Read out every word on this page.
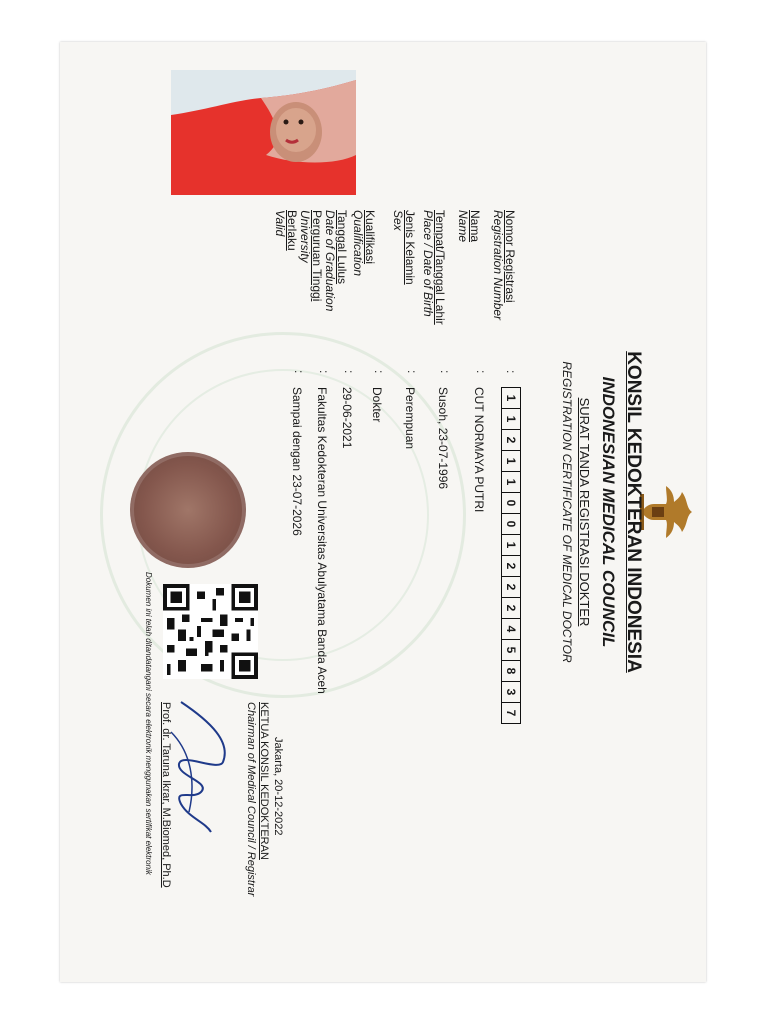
KONSIL KEDOKTERAN INDONESIA
INDONESIAN MEDICAL COUNCIL
SURAT TANDA REGISTRASI DOKTER
REGISTRATION CERTIFICATE OF MEDICAL DOCTOR
Nomor Registrasi
Registration Number
Nama
Name
Tempat/Tanggal Lahir
Place / Date of Birth
Jenis Kelamin
Sex
Kualifikasi
Qualification
Tanggal Lulus
Date of Graduation
Perguruan Tinggi
University
Berlaku
Valid
:
:
:
:
:
:
:
:
1
1
2
1
1
0
0
1
2
2
2
4
5
8
3
7
CUT NORMAYA PUTRI
Susoh, 23-07-1996
Perempuan
Dokter
29-06-2021
Fakultas Kedokteran Universitas Abulyatama Banda Aceh
Sampai dengan 23-07-2026
Jakarta, 20-12-2022
KETUA KONSIL KEDOKTERAN
Chairman of Medical Council / Registrar
Prof. dr. Taruna Ikrar, M.Biomed, Ph.D
Dokumen ini telah ditandatangani secara elektronik menggunakan sertifikat elektronik
